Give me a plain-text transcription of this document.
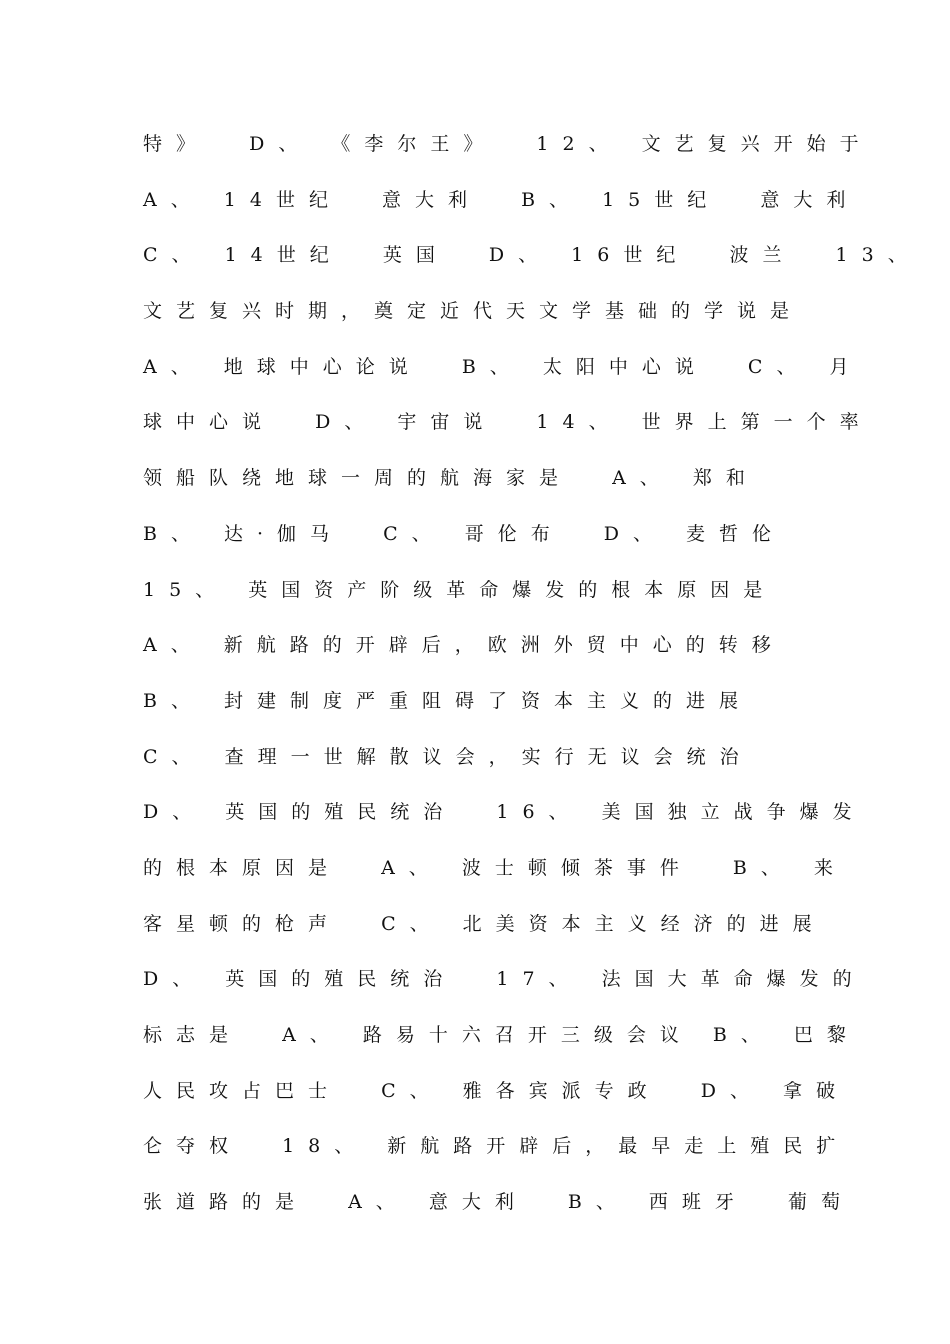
特》  D、 《李尔王》  12、 文艺复兴开始于
A、 14世纪  意大利  B、 15世纪  意大利
C、 14世纪  英国  D、 16世纪  波兰  13、
文艺复兴时期，奠定近代天文学基础的学说是
A、 地球中心论说  B、 太阳中心说  C、 月
球中心说  D、 宇宙说  14、 世界上第一个率
领船队绕地球一周的航海家是  A、 郑和
B、 达·伽马  C、 哥伦布  D、 麦哲伦
15、 英国资产阶级革命爆发的根本原因是
A、 新航路的开辟后，欧洲外贸中心的转移
B、 封建制度严重阻碍了资本主义的进展
C、 查理一世解散议会，实行无议会统治
D、 英国的殖民统治  16、 美国独立战争爆发
的根本原因是  A、 波士顿倾茶事件  B、 来
客星顿的枪声  C、 北美资本主义经济的进展
D、 英国的殖民统治  17、 法国大革命爆发的
标志是  A、 路易十六召开三级会议 B、 巴黎
人民攻占巴士  C、 雅各宾派专政  D、 拿破
仑夺权  18、 新航路开辟后，最早走上殖民扩
张道路的是  A、 意大利  B、 西班牙  葡萄
